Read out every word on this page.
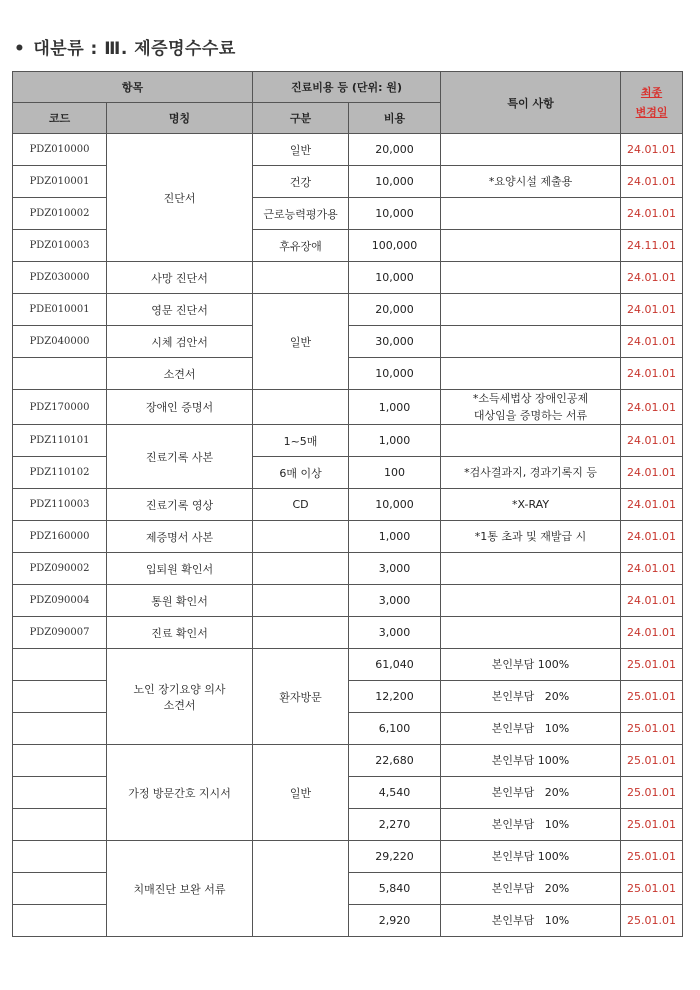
• 대분류 : Ⅲ. 제증명수수료
항목		진료비용 등 (단위: 원)		특이 사항	최종
변경일
코드	명칭	구분	비용		
PDZ010000	진단서	일반	20,000		24.01.01
PDZ010001		건강	10,000	*요양시설 제출용	24.01.01
PDZ010002		근로능력평가용	10,000		24.01.01
PDZ010003		후유장애	100,000		24.11.01
PDZ030000	사망 진단서		10,000		24.01.01
PDE010001	영문 진단서	일반	20,000		24.01.01
PDZ040000	시체 검안서		30,000		24.01.01
	소견서		10,000		24.01.01
PDZ170000	장애인 증명서		1,000	*소득세법상 장애인공제
대상임을 증명하는 서류	24.01.01
PDZ110101	진료기록 사본	1~5매	1,000		24.01.01
PDZ110102		6매 이상	100	*검사결과지, 경과기록지 등	24.01.01
PDZ110003	진료기록 영상	CD	10,000	*X-RAY	24.01.01
PDZ160000	제증명서 사본		1,000	*1통 초과 및 재발급 시	24.01.01
PDZ090002	입퇴원 확인서		3,000		24.01.01
PDZ090004	통원 확인서		3,000		24.01.01
PDZ090007	진료 확인서		3,000		24.01.01
	노인 장기요양 의사
소견서	환자방문	61,040	본인부담 100%	25.01.01
			12,200	본인부담   20%	25.01.01
			6,100	본인부담   10%	25.01.01
	가정 방문간호 지시서	일반	22,680	본인부담 100%	25.01.01
			4,540	본인부담   20%	25.01.01
			2,270	본인부담   10%	25.01.01
	치매진단 보완 서류		29,220	본인부담 100%	25.01.01
			5,840	본인부담   20%	25.01.01
			2,920	본인부담   10%	25.01.01
